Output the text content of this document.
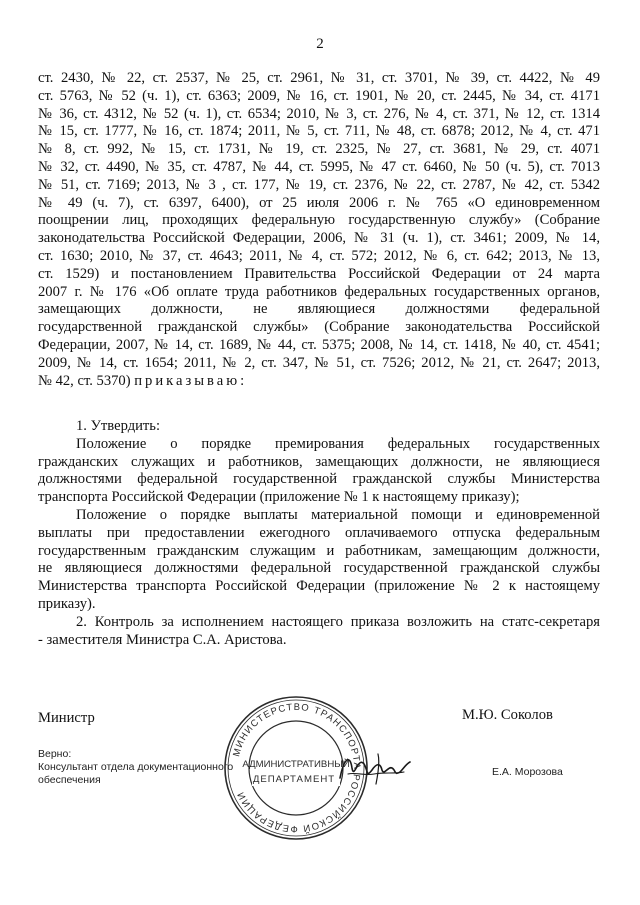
2
ст. 2430, № 22, ст. 2537, № 25, ст. 2961, № 31, ст. 3701, № 39, ст. 4422, № 49
ст. 5763, № 52 (ч. 1), ст. 6363; 2009, № 16, ст. 1901, № 20, ст. 2445, № 34, ст. 4171
№ 36, ст. 4312, № 52 (ч. 1), ст. 6534; 2010, № 3, ст. 276, № 4, ст. 371, № 12, ст. 1314
№ 15, ст. 1777, № 16, ст. 1874; 2011, № 5, ст. 711, № 48, ст. 6878; 2012, № 4, ст. 471
№ 8, ст. 992, № 15, ст. 1731, № 19, ст. 2325, № 27, ст. 3681, № 29, ст. 4071
№ 32, ст. 4490, № 35, ст. 4787, № 44, ст. 5995, № 47 ст. 6460, № 50 (ч. 5), ст. 7013
№ 51, ст. 7169; 2013, № 3 , ст. 177, № 19, ст. 2376, № 22, ст. 2787, № 42, ст. 5342
№ 49 (ч. 7), ст. 6397, 6400), от 25 июля 2006 г. № 765 «О единовременном
поощрении лиц, проходящих федеральную государственную службу» (Собрание
законодательства Российской Федерации, 2006, № 31 (ч. 1), ст. 3461; 2009, № 14,
ст. 1630; 2010, № 37, ст. 4643; 2011, № 4, ст. 572; 2012, № 6, ст. 642; 2013, № 13,
ст. 1529) и постановлением Правительства Российской Федерации от 24 марта
2007 г. № 176 «Об оплате труда работников федеральных государственных органов,
замещающих должности, не являющиеся должностями федеральной
государственной гражданской службы» (Собрание законодательства Российской
Федерации, 2007, № 14, ст. 1689, № 44, ст. 5375; 2008, № 14, ст. 1418, № 40, ст. 4541;
2009, № 14, ст. 1654; 2011, № 2, ст. 347, № 51, ст. 7526; 2012, № 21, ст. 2647; 2013,
№ 42, ст. 5370) приказываю:
1. Утвердить:
Положение о порядке премирования федеральных государственных
гражданских служащих и работников, замещающих должности, не являющиеся
должностями федеральной государственной гражданской службы Министерства
транспорта Российской Федерации (приложение № 1 к настоящему приказу);
Положение о порядке выплаты материальной помощи и единовременной
выплаты при предоставлении ежегодного оплачиваемого отпуска федеральным
государственным гражданским служащим и работникам, замещающим должности,
не являющиеся должностями федеральной государственной гражданской службы
Министерства транспорта Российской Федерации (приложение № 2 к настоящему
приказу).
2. Контроль за исполнением настоящего приказа возложить на статс-секретаря
- заместителя Министра С.А. Аристова.
Министр	М.Ю. Соколов
Верно:
Консультант отдела документационного
обеспечения
Е.А. Морозова
МИНИСТЕРСТВО ТРАНСПОРТА РОССИЙСКОЙ ФЕДЕРАЦИИ
АДМИНИСТРАТИВНЫЙ
ДЕПАРТАМЕНТ
